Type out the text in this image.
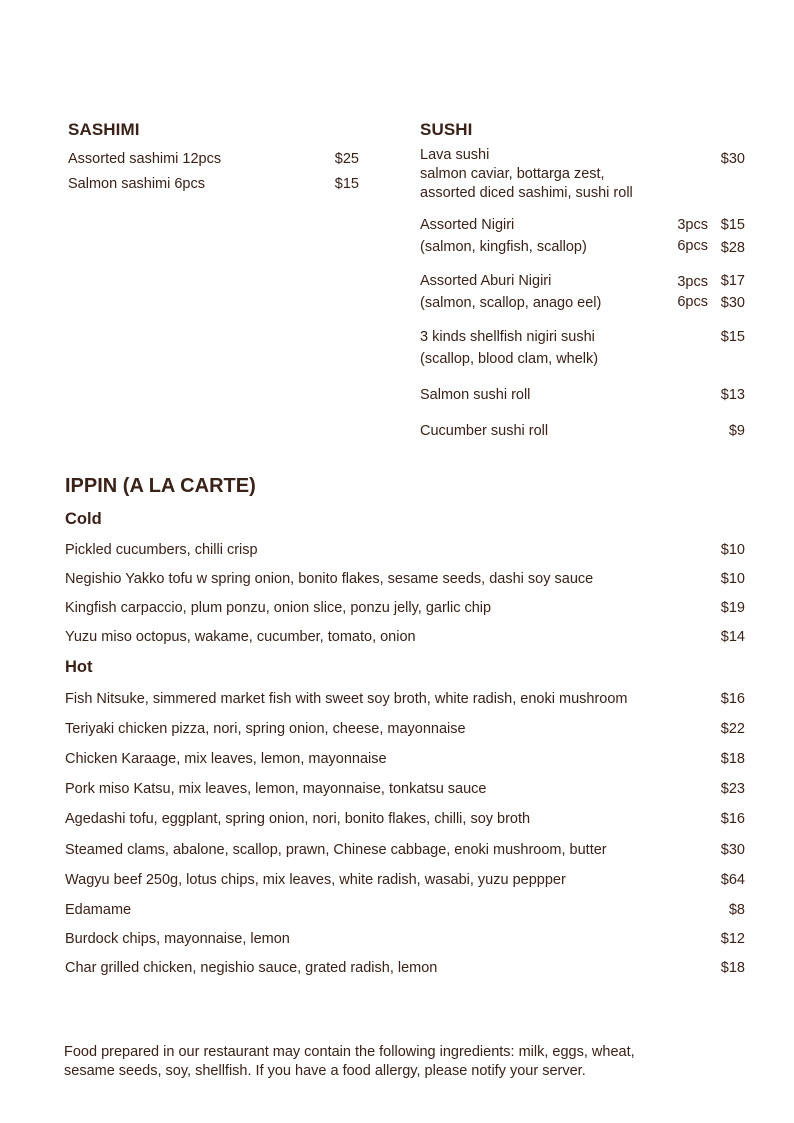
SASHIMI
Assorted sashimi 12pcs	$25
Salmon sashimi 6pcs	$15
SUSHI
Lava sushi
salmon caviar, bottarga zest,
assorted diced sashimi, sushi roll
$30
Assorted Nigiri
(salmon, kingfish, scallop)
3pcs $15
6pcs $28
Assorted Aburi Nigiri
(salmon, scallop, anago eel)
3pcs $17
6pcs $30
3 kinds shellfish nigiri sushi
(scallop, blood clam, whelk)
$15
Salmon sushi roll	$13
Cucumber sushi roll	$9
IPPIN (A LA CARTE)
Cold
Pickled cucumbers, chilli crisp	$10
Negishio Yakko tofu w spring onion, bonito flakes, sesame seeds, dashi soy sauce	$10
Kingfish carpaccio, plum ponzu, onion slice, ponzu jelly, garlic chip	$19
Yuzu miso octopus, wakame, cucumber, tomato, onion	$14
Hot
Fish Nitsuke, simmered market fish with sweet soy broth, white radish, enoki mushroom	$16
Teriyaki chicken pizza, nori, spring onion, cheese, mayonnaise	$22
Chicken Karaage, mix leaves, lemon, mayonnaise	$18
Pork miso Katsu, mix leaves, lemon, mayonnaise, tonkatsu sauce	$23
Agedashi tofu, eggplant, spring onion, nori, bonito flakes, chilli, soy broth	$16
Steamed clams, abalone, scallop, prawn, Chinese cabbage, enoki mushroom, butter	$30
Wagyu beef 250g, lotus chips, mix leaves, white radish, wasabi, yuzu peppper	$64
Edamame	$8
Burdock chips, mayonnaise, lemon	$12
Char grilled chicken, negishio sauce, grated radish, lemon	$18
Food prepared in our restaurant may contain the following ingredients: milk, eggs, wheat,
sesame seeds, soy, shellfish. If you have a food allergy, please notify your server.
